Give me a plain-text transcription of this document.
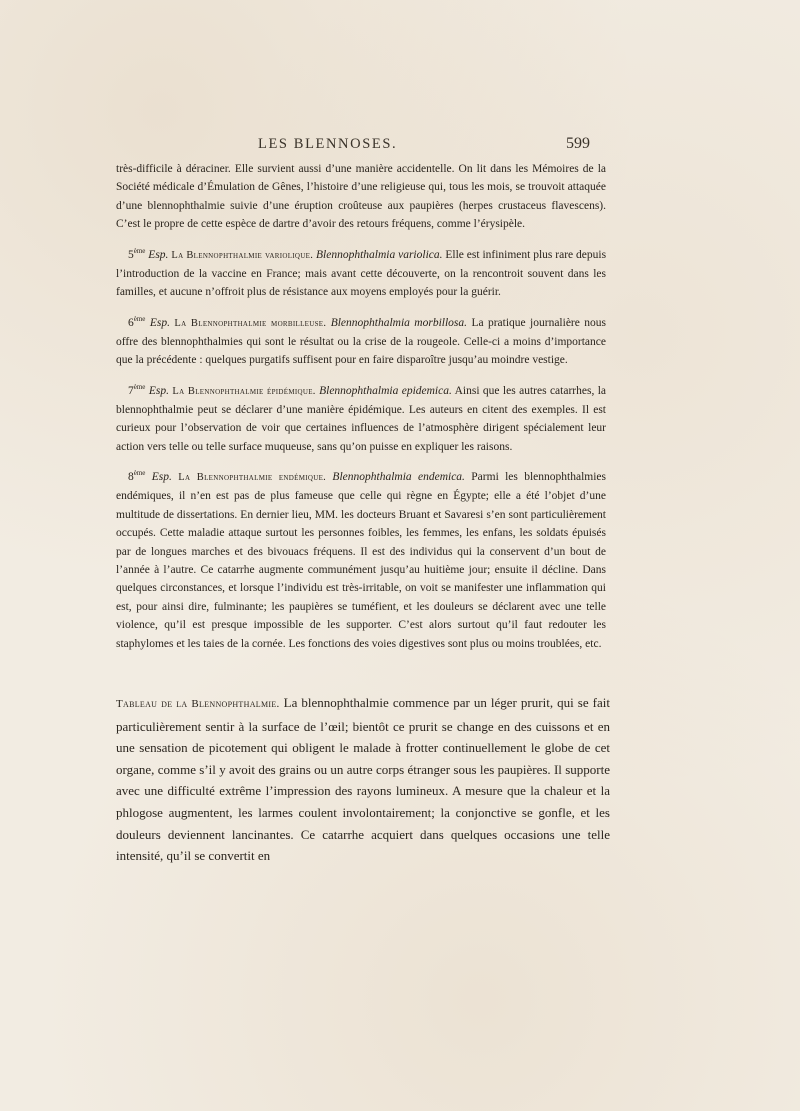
LES BLENNOSES.	599

très-difficile à déraciner. Elle survient aussi d’une manière accidentelle. On lit dans les Mémoires de la Société médicale d’Émulation de Gênes, l’histoire d’une religieuse qui, tous les mois, se trouvoit attaquée d’une blennophthalmie suivie d’une éruption croûteuse aux paupières (herpes crustaceus flavescens). C’est le propre de cette espèce de dartre d’avoir des retours fréquens, comme l’érysipèle.

5ème Esp. La Blennophthalmie variolique. Blennophthalmia variolica. Elle est infiniment plus rare depuis l’introduction de la vaccine en France; mais avant cette découverte, on la rencontroit souvent dans les familles, et aucune n’offroit plus de résistance aux moyens employés pour la guérir.

6ème Esp. La Blennophthalmie morbilleuse. Blennophthalmia morbillosa. La pratique journalière nous offre des blennophthalmies qui sont le résultat ou la crise de la rougeole. Celle-ci a moins d’importance que la précédente : quelques purgatifs suffisent pour en faire disparoître jusqu’au moindre vestige.

7ème Esp. La Blennophthalmie épidémique. Blennophthalmia epidemica. Ainsi que les autres catarrhes, la blennophthalmie peut se déclarer d’une manière épidémique. Les auteurs en citent des exemples. Il est curieux pour l’observation de voir que certaines influences de l’atmosphère dirigent spécialement leur action vers telle ou telle surface muqueuse, sans qu’on puisse en expliquer les raisons.

8ème Esp. La Blennophthalmie endémique. Blennophthalmia endemica. Parmi les blennophthalmies endémiques, il n’en est pas de plus fameuse que celle qui règne en Égypte; elle a été l’objet d’une multitude de dissertations. En dernier lieu, MM. les docteurs Bruant et Savaresi s’en sont particulièrement occupés. Cette maladie attaque surtout les personnes foibles, les femmes, les enfans, les soldats épuisés par de longues marches et des bivouacs fréquens. Il est des individus qui la conservent d’un bout de l’année à l’autre. Ce catarrhe augmente communément jusqu’au huitième jour; ensuite il décline. Dans quelques circonstances, et lorsque l’individu est très-irritable, on voit se manifester une inflammation qui est, pour ainsi dire, fulminante; les paupières se tuméfient, et les douleurs se déclarent avec une telle violence, qu’il est presque impossible de les supporter. C’est alors surtout qu’il faut redouter les staphylomes et les taies de la cornée. Les fonctions des voies digestives sont plus ou moins troublées, etc.

Tableau de la Blennophthalmie. La blennophthalmie commence par un léger prurit, qui se fait particulièrement sentir à la surface de l’œil; bientôt ce prurit se change en des cuissons et en une sensation de picotement qui obligent le malade à frotter continuellement le globe de cet organe, comme s’il y avoit des grains ou un autre corps étranger sous les paupières. Il supporte avec une difficulté extrême l’impression des rayons lumineux. A mesure que la chaleur et la phlogose augmentent, les larmes coulent involontairement; la conjonctive se gonfle, et les douleurs deviennent lancinantes. Ce catarrhe acquiert dans quelques occasions une telle intensité, qu’il se convertit en
